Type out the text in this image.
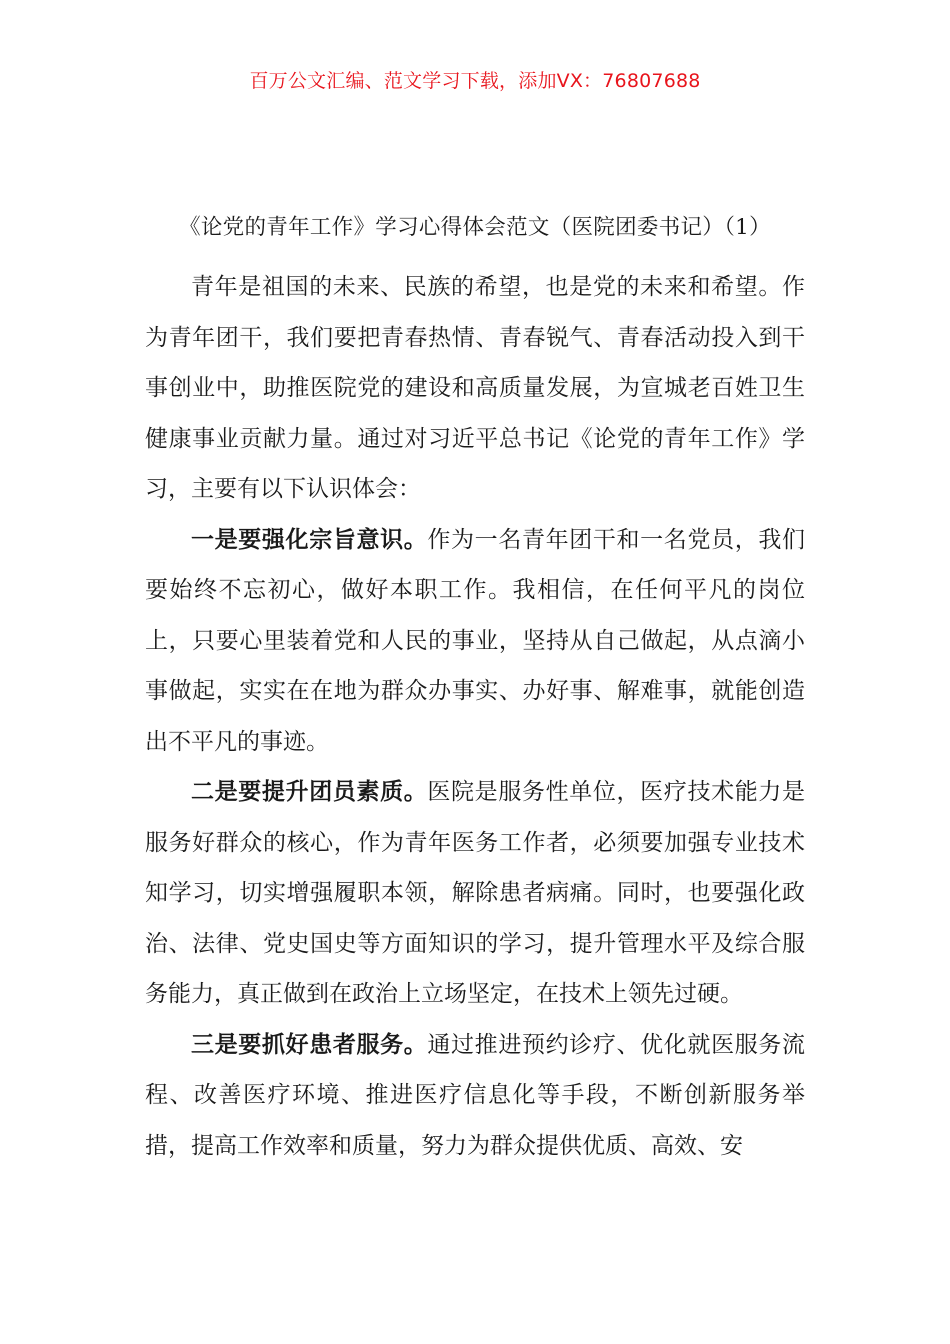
百万公文汇编、范文学习下载，添加VX：76807688
《论党的青年工作》学习心得体会范文（医院团委书记）（1）

青年是祖国的未来、民族的希望，也是党的未来和希望。作为青年团干，我们要把青春热情、青春锐气、青春活动投入到干事创业中，助推医院党的建设和高质量发展，为宣城老百姓卫生健康事业贡献力量。通过对习近平总书记《论党的青年工作》学习，主要有以下认识体会：

一是要强化宗旨意识。作为一名青年团干和一名党员，我们要始终不忘初心，做好本职工作。我相信，在任何平凡的岗位上，只要心里装着党和人民的事业，坚持从自己做起，从点滴小事做起，实实在在地为群众办事实、办好事、解难事，就能创造出不平凡的事迹。

二是要提升团员素质。医院是服务性单位，医疗技术能力是服务好群众的核心，作为青年医务工作者，必须要加强专业技术知学习，切实增强履职本领，解除患者病痛。同时，也要强化政治、法律、党史国史等方面知识的学习，提升管理水平及综合服务能力，真正做到在政治上立场坚定，在技术上领先过硬。

三是要抓好患者服务。通过推进预约诊疗、优化就医服务流程、改善医疗环境、推进医疗信息化等手段，不断创新服务举措，提高工作效率和质量，努力为群众提供优质、高效、安
